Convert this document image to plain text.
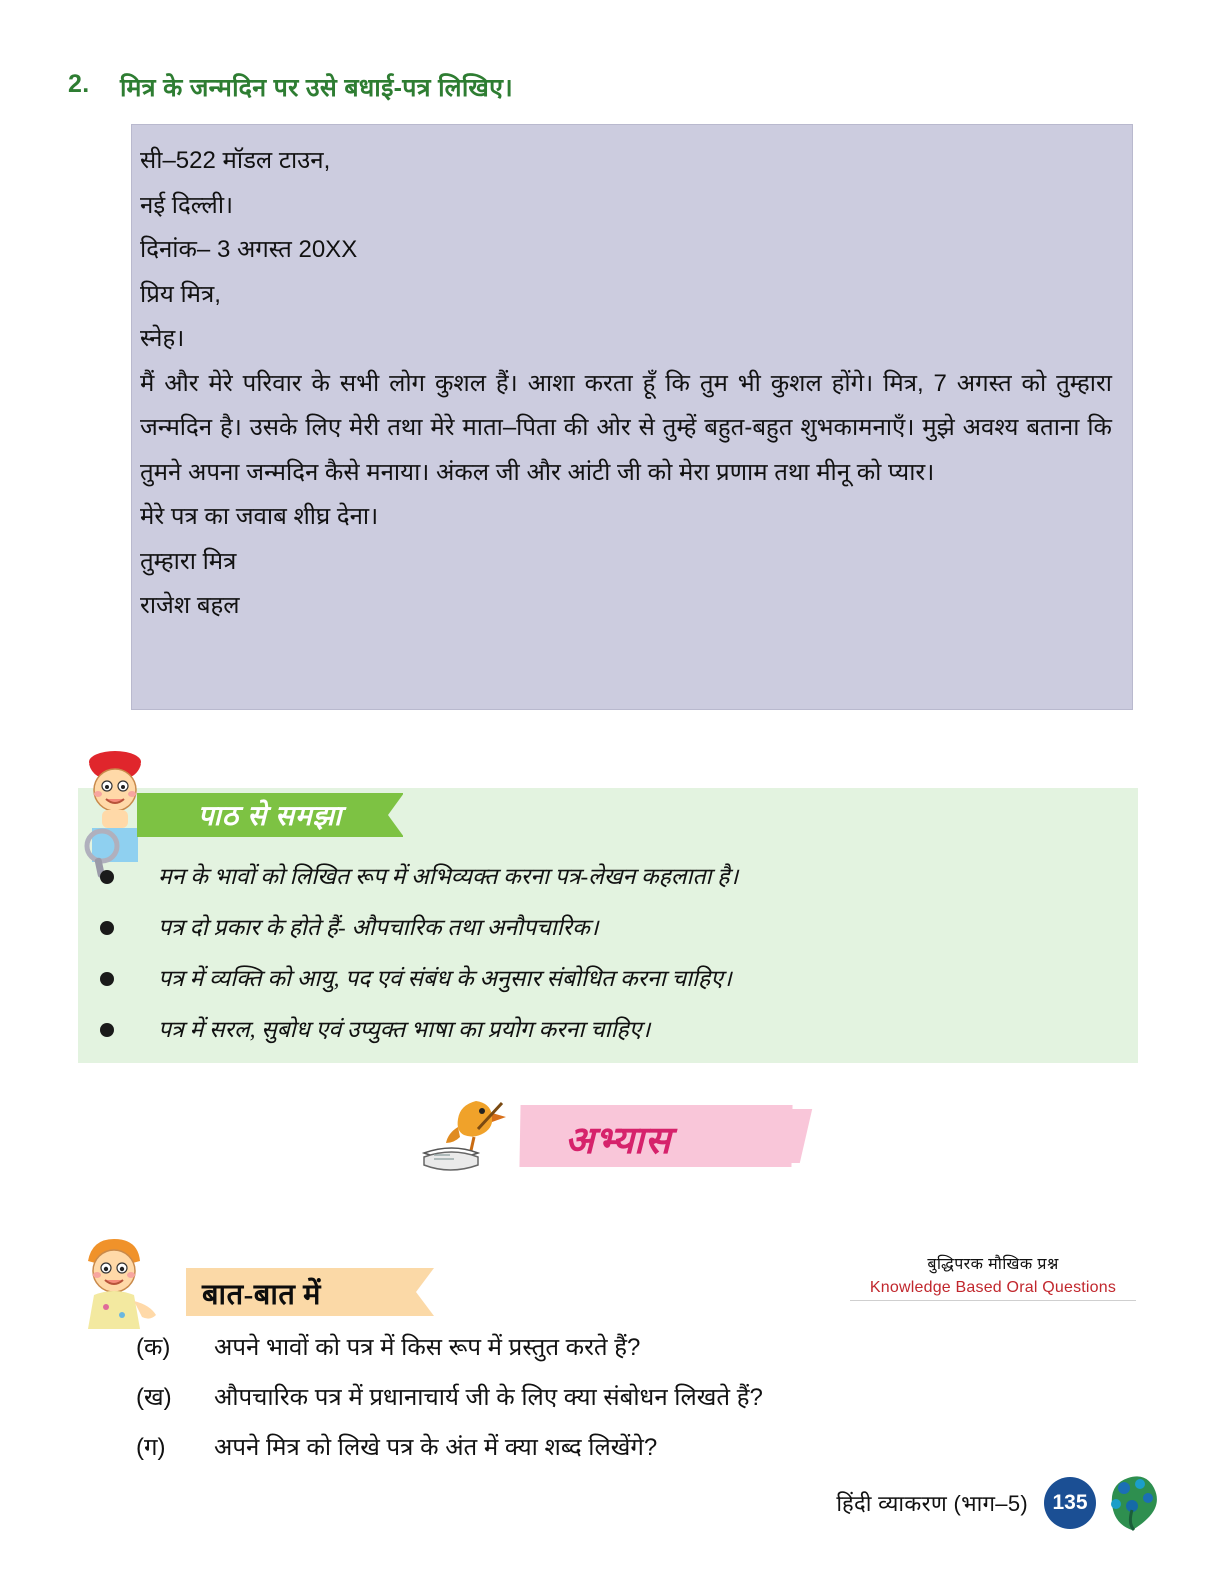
2.	मित्र के जन्मदिन पर उसे बधाई-पत्र लिखिए।
सी–522 मॉडल टाउन,
नई दिल्ली।
दिनांक– 3 अगस्त 20XX
प्रिय मित्र,
स्नेह।
मैं और मेरे परिवार के सभी लोग कुशल हैं। आशा करता हूँ कि तुम भी कुशल होंगे। मित्र, 7 अगस्त को तुम्हारा जन्मदिन है। उसके लिए मेरी तथा मेरे माता–पिता की ओर से तुम्हें बहुत-बहुत शुभकामनाएँ। मुझे अवश्य बताना कि तुमने अपना जन्मदिन कैसे मनाया। अंकल जी और आंटी जी को मेरा प्रणाम तथा मीनू को प्यार।
मेरे पत्र का जवाब शीघ्र देना।
तुम्हारा मित्र
राजेश बहल
पाठ से समझा
मन के भावों को लिखित रूप में अभिव्यक्त करना पत्र-लेखन कहलाता है।
पत्र दो प्रकार के होते हैं- औपचारिक तथा अनौपचारिक।
पत्र में व्यक्ति को आयु, पद एवं संबंध के अनुसार संबोधित करना चाहिए।
पत्र में सरल, सुबोध एवं उप्युक्त भाषा का प्रयोग करना चाहिए।
अभ्यास
बात-बात में
बुद्धिपरक मौखिक प्रश्न
Knowledge Based Oral Questions
(क)	अपने भावों को पत्र में किस रूप में प्रस्तुत करते हैं?
(ख)	औपचारिक पत्र में प्रधानाचार्य जी के लिए क्या संबोधन लिखते हैं?
(ग)	अपने मित्र को लिखे पत्र के अंत में क्या शब्द लिखेंगे?
हिंदी व्याकरण (भाग–5)	135
